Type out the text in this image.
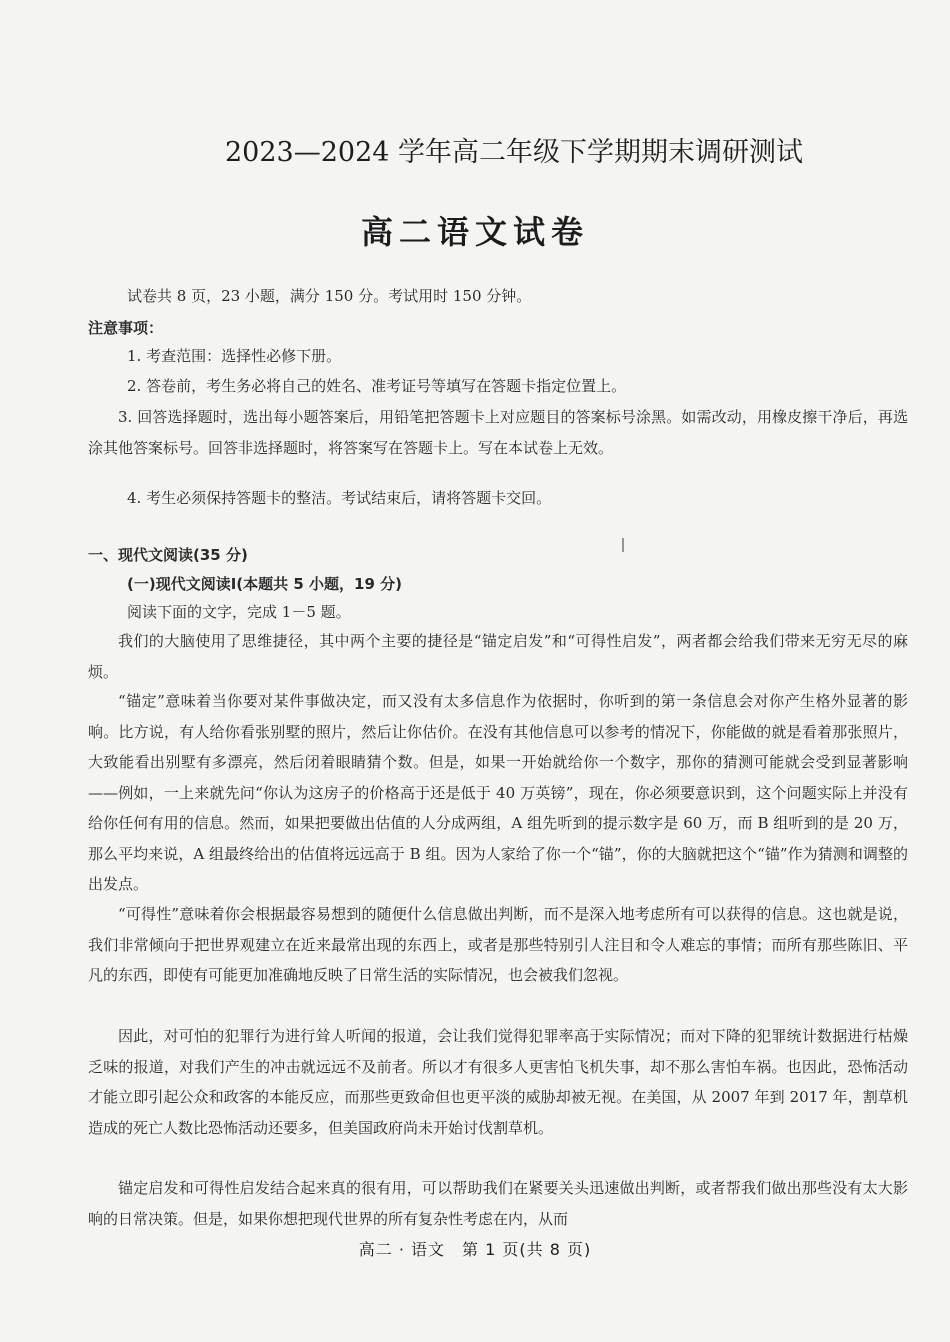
2023—2024 学年高二年级下学期期末调研测试
高二语文试卷
试卷共 8 页，23 小题，满分 150 分。考试用时 150 分钟。
注意事项：
1. 考查范围：选择性必修下册。
2. 答卷前，考生务必将自己的姓名、准考证号等填写在答题卡指定位置上。
3. 回答选择题时，选出每小题答案后，用铅笔把答题卡上对应题目的答案标号涂黑。如需改动，用橡皮擦干净后，再选涂其他答案标号。回答非选择题时，将答案写在答题卡上。写在本试卷上无效。
4. 考生必须保持答题卡的整洁。考试结束后，请将答题卡交回。
一、现代文阅读(35 分)
(一)现代文阅读Ⅰ(本题共 5 小题，19 分)
阅读下面的文字，完成 1－5 题。
我们的大脑使用了思维捷径，其中两个主要的捷径是“锚定启发”和“可得性启发”，两者都会给我们带来无穷无尽的麻烦。
“锚定”意味着当你要对某件事做决定，而又没有太多信息作为依据时，你听到的第一条信息会对你产生格外显著的影响。比方说，有人给你看张别墅的照片，然后让你估价。在没有其他信息可以参考的情况下，你能做的就是看着那张照片，大致能看出别墅有多漂亮，然后闭着眼睛猜个数。但是，如果一开始就给你一个数字，那你的猜测可能就会受到显著影响——例如，一上来就先问“你认为这房子的价格高于还是低于 40 万英镑”，现在，你必须要意识到，这个问题实际上并没有给你任何有用的信息。然而，如果把要做出估值的人分成两组，A 组先听到的提示数字是 60 万，而 B 组听到的是 20 万，那么平均来说，A 组最终给出的估值将远远高于 B 组。因为人家给了你一个“锚”，你的大脑就把这个“锚”作为猜测和调整的出发点。
“可得性”意味着你会根据最容易想到的随便什么信息做出判断，而不是深入地考虑所有可以获得的信息。这也就是说，我们非常倾向于把世界观建立在近来最常出现的东西上，或者是那些特别引人注目和令人难忘的事情；而所有那些陈旧、平凡的东西，即使有可能更加准确地反映了日常生活的实际情况，也会被我们忽视。
因此，对可怕的犯罪行为进行耸人听闻的报道，会让我们觉得犯罪率高于实际情况；而对下降的犯罪统计数据进行枯燥乏味的报道，对我们产生的冲击就远远不及前者。所以才有很多人更害怕飞机失事，却不那么害怕车祸。也因此，恐怖活动才能立即引起公众和政客的本能反应，而那些更致命但也更平淡的威胁却被无视。在美国，从 2007 年到 2017 年，割草机造成的死亡人数比恐怖活动还要多，但美国政府尚未开始讨伐割草机。
锚定启发和可得性启发结合起来真的很有用，可以帮助我们在紧要关头迅速做出判断，或者帮我们做出那些没有太大影响的日常决策。但是，如果你想把现代世界的所有复杂性考虑在内，从而
高二 · 语文　第 1 页(共 8 页)
